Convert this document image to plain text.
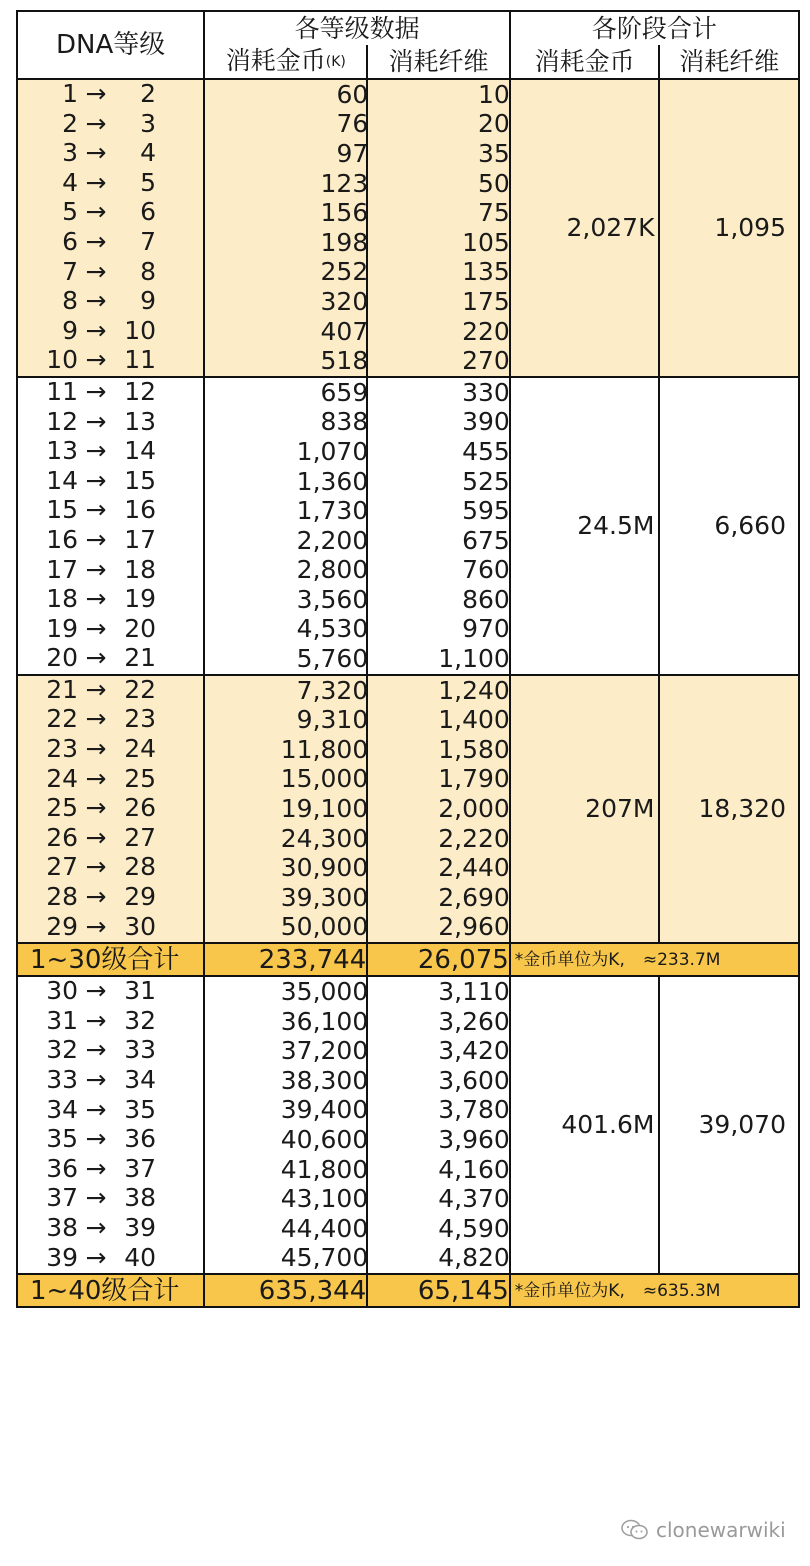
DNA等级	各等级数据		各阶段合计	
	消耗金币(K)	消耗纤维	消耗金币	消耗纤维

1 → 2	60	10	2,027K	1,095

2 → 3	76	20		

3 → 4	97	35		

4 → 5	123	50		

5 → 6	156	75		

6 → 7	198	105		

7 → 8	252	135		

8 → 9	320	175		

9 → 10	407	220		

10 → 11	518	270		

11 → 12	659	330	24.5M	6,660

12 → 13	838	390		

13 → 14	1,070	455		

14 → 15	1,360	525		

15 → 16	1,730	595		

16 → 17	2,200	675		

17 → 18	2,800	760		

18 → 19	3,560	860		

19 → 20	4,530	970		

20 → 21	5,760	1,100		

21 → 22	7,320	1,240	207M	18,320

22 → 23	9,310	1,400		

23 → 24	11,800	1,580		

24 → 25	15,000	1,790		

25 → 26	19,100	2,000		

26 → 27	24,300	2,220		

27 → 28	30,900	2,440		

28 → 29	39,300	2,690		

29 → 30	50,000	2,960		
1~30级合计	233,744	26,075	*金币单位为K, ≈233.7M	

30 → 31	35,000	3,110	401.6M	39,070

31 → 32	36,100	3,260		

32 → 33	37,200	3,420		

33 → 34	38,300	3,600		

34 → 35	39,400	3,780		

35 → 36	40,600	3,960		

36 → 37	41,800	4,160		

37 → 38	43,100	4,370		

38 → 39	44,400	4,590		

39 → 40	45,700	4,820		
1~40级合计	635,344	65,145	*金币单位为K, ≈635.3M	
clonewarwiki
